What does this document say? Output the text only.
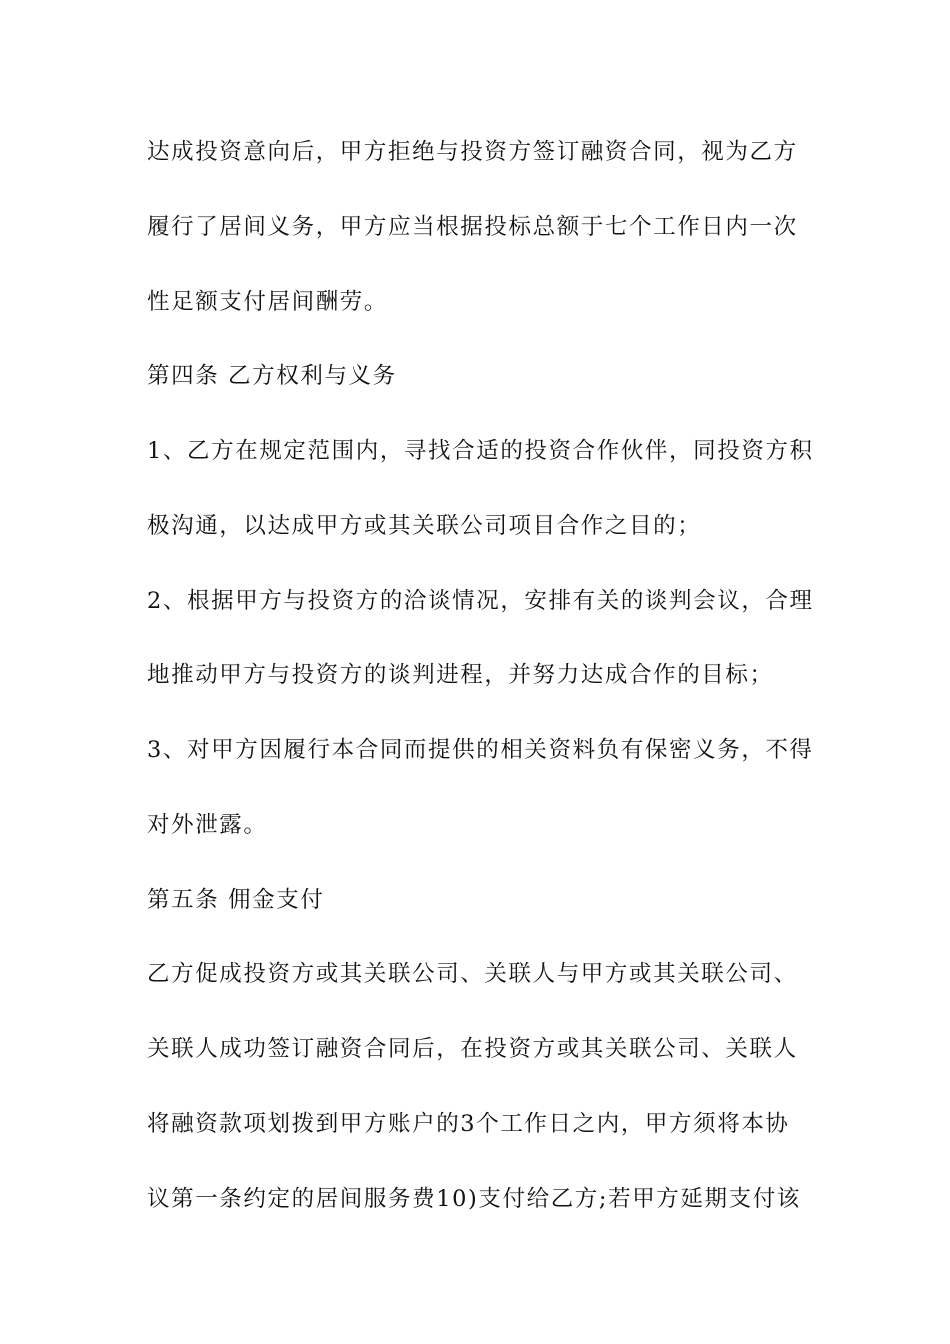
达成投资意向后，甲方拒绝与投资方签订融资合同，视为乙方
履行了居间义务，甲方应当根据投标总额于七个工作日内一次
性足额支付居间酬劳。
第四条 乙方权利与义务
1、乙方在规定范围内，寻找合适的投资合作伙伴，同投资方积
极沟通，以达成甲方或其关联公司项目合作之目的；
2、根据甲方与投资方的洽谈情况，安排有关的谈判会议，合理
地推动甲方与投资方的谈判进程，并努力达成合作的目标；
3、对甲方因履行本合同而提供的相关资料负有保密义务，不得
对外泄露。
第五条 佣金支付
乙方促成投资方或其关联公司、关联人与甲方或其关联公司、
关联人成功签订融资合同后，在投资方或其关联公司、关联人
将融资款项划拨到甲方账户的3个工作日之内，甲方须将本协
议第一条约定的居间服务费10)支付给乙方;若甲方延期支付该
